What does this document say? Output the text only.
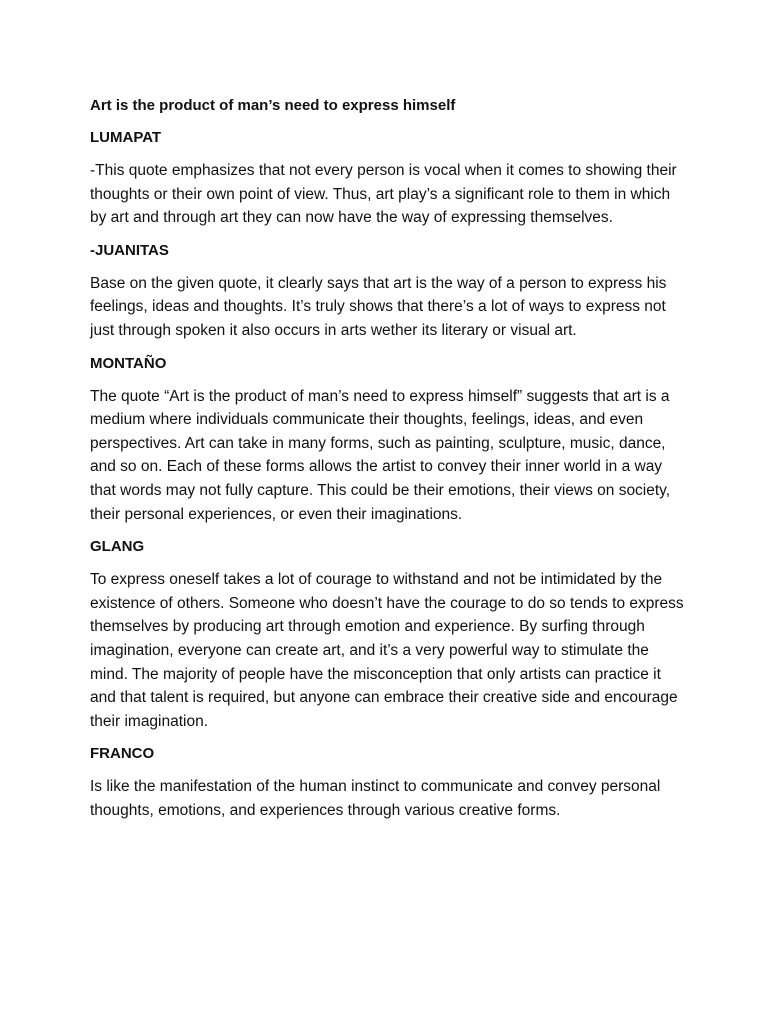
Art is the product of man’s need to express himself

LUMAPAT

-This quote emphasizes that not every person is vocal when it comes to showing their thoughts or their own point of view. Thus, art play’s a significant role to them in which by art and through art they can now have the way of expressing themselves.

-JUANITAS

Base on the given quote, it clearly says that art is the way of a person to express his feelings, ideas and thoughts. It’s truly shows that there’s a lot of ways to express not just through spoken it also occurs in arts wether its literary or visual art.

MONTAÑO

The quote “Art is the product of man’s need to express himself” suggests that art is a medium where individuals communicate their thoughts, feelings, ideas, and even perspectives. Art can take in many forms, such as painting, sculpture, music, dance, and so on. Each of these forms allows the artist to convey their inner world in a way that words may not fully capture. This could be their emotions, their views on society, their personal experiences, or even their imaginations.

GLANG

To express oneself takes a lot of courage to withstand and not be intimidated by the existence of others. Someone who doesn’t have the courage to do so tends to express themselves by producing art through emotion and experience. By surfing through imagination, everyone can create art, and it’s a very powerful way to stimulate the mind. The majority of people have the misconception that only artists can practice it and that talent is required, but anyone can embrace their creative side and encourage their imagination.

FRANCO

Is like the manifestation of the human instinct to communicate and convey personal thoughts, emotions, and experiences through various creative forms.
